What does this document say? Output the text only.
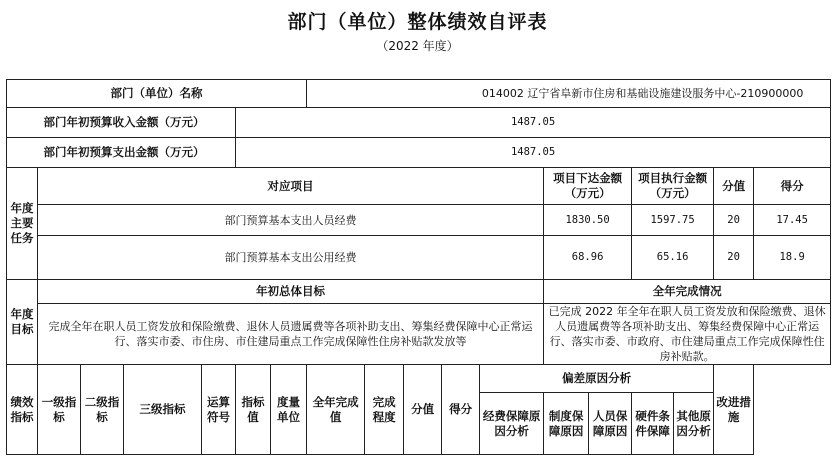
部门（单位）整体绩效自评表
（2022 年度）
部门（单位）名称							014002 辽宁省阜新市住房和基础设施建设服务中心-210900000										
部门年初预算收入金额（万元）					1487.05												
部门年初预算支出金额（万元）					1487.05												
年度主要任务	对应项目											项目下达金额（万元）		项目执行金额（万元）		分值	得分
	部门预算基本支出人员经费											1830.50		1597.75		20	17.45
	部门预算基本支出公用经费											68.96		65.16		20	18.9
年度目标	年初总体目标											全年完成情况					
	完成全年在职人员工资发放和保险缴费、退休人员遗属费等各项补助支出、筹集经费保障中心正常运行、落实市委、市住房、市住建局重点工作完成保障性住房补贴款发放等											已完成 2022 年全年在职人员工资发放和保险缴费、退休人员遗属费等各项补助支出、筹集经费保障中心正常运行、落实市委、市政府、市住建局重点工作完成保障性住房补贴款。					
绩效指标	一级指标	二级指标	三级指标	运算符号	指标值	度量单位	全年完成值	完成程度	分值	得分	偏差原因分析					改进措施	
											经费保障原因分析	制度保障原因	人员保障原因	硬件条件保障	其他原因分析		
